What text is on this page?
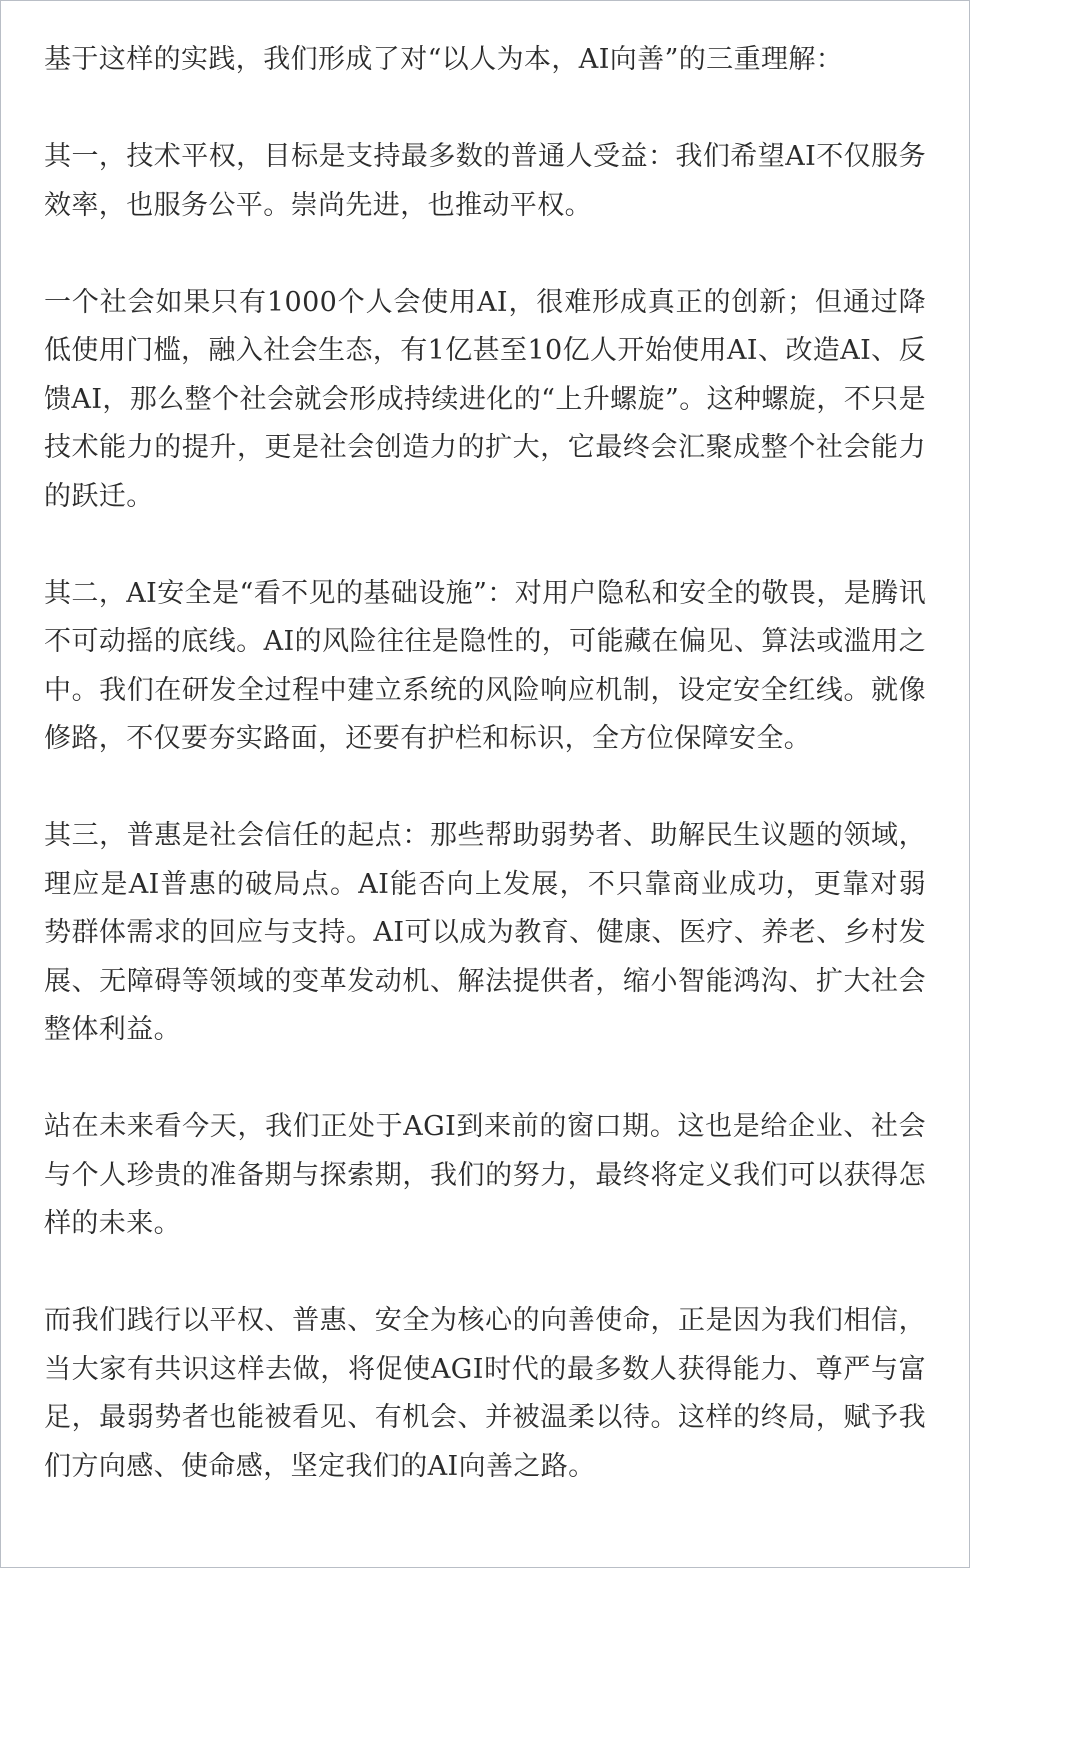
基于这样的实践，我们形成了对“以人为本，AI向善”的三重理解：

其一，技术平权，目标是支持最多数的普通人受益：我们希望AI不仅服务效率，也服务公平。崇尚先进，也推动平权。

一个社会如果只有1000个人会使用AI，很难形成真正的创新；但通过降低使用门槛，融入社会生态，有1亿甚至10亿人开始使用AI、改造AI、反馈AI，那么整个社会就会形成持续进化的“上升螺旋”。这种螺旋，不只是技术能力的提升，更是社会创造力的扩大，它最终会汇聚成整个社会能力的跃迁。

其二，AI安全是“看不见的基础设施”：对用户隐私和安全的敬畏，是腾讯不可动摇的底线。AI的风险往往是隐性的，可能藏在偏见、算法或滥用之中。我们在研发全过程中建立系统的风险响应机制，设定安全红线。就像修路，不仅要夯实路面，还要有护栏和标识，全方位保障安全。

其三，普惠是社会信任的起点：那些帮助弱势者、助解民生议题的领域，理应是AI普惠的破局点。AI能否向上发展，不只靠商业成功，更靠对弱势群体需求的回应与支持。AI可以成为教育、健康、医疗、养老、乡村发展、无障碍等领域的变革发动机、解法提供者，缩小智能鸿沟、扩大社会整体利益。

站在未来看今天，我们正处于AGI到来前的窗口期。这也是给企业、社会与个人珍贵的准备期与探索期，我们的努力，最终将定义我们可以获得怎样的未来。

而我们践行以平权、普惠、安全为核心的向善使命，正是因为我们相信，当大家有共识这样去做，将促使AGI时代的最多数人获得能力、尊严与富足，最弱势者也能被看见、有机会、并被温柔以待。这样的终局，赋予我们方向感、使命感，坚定我们的AI向善之路。
